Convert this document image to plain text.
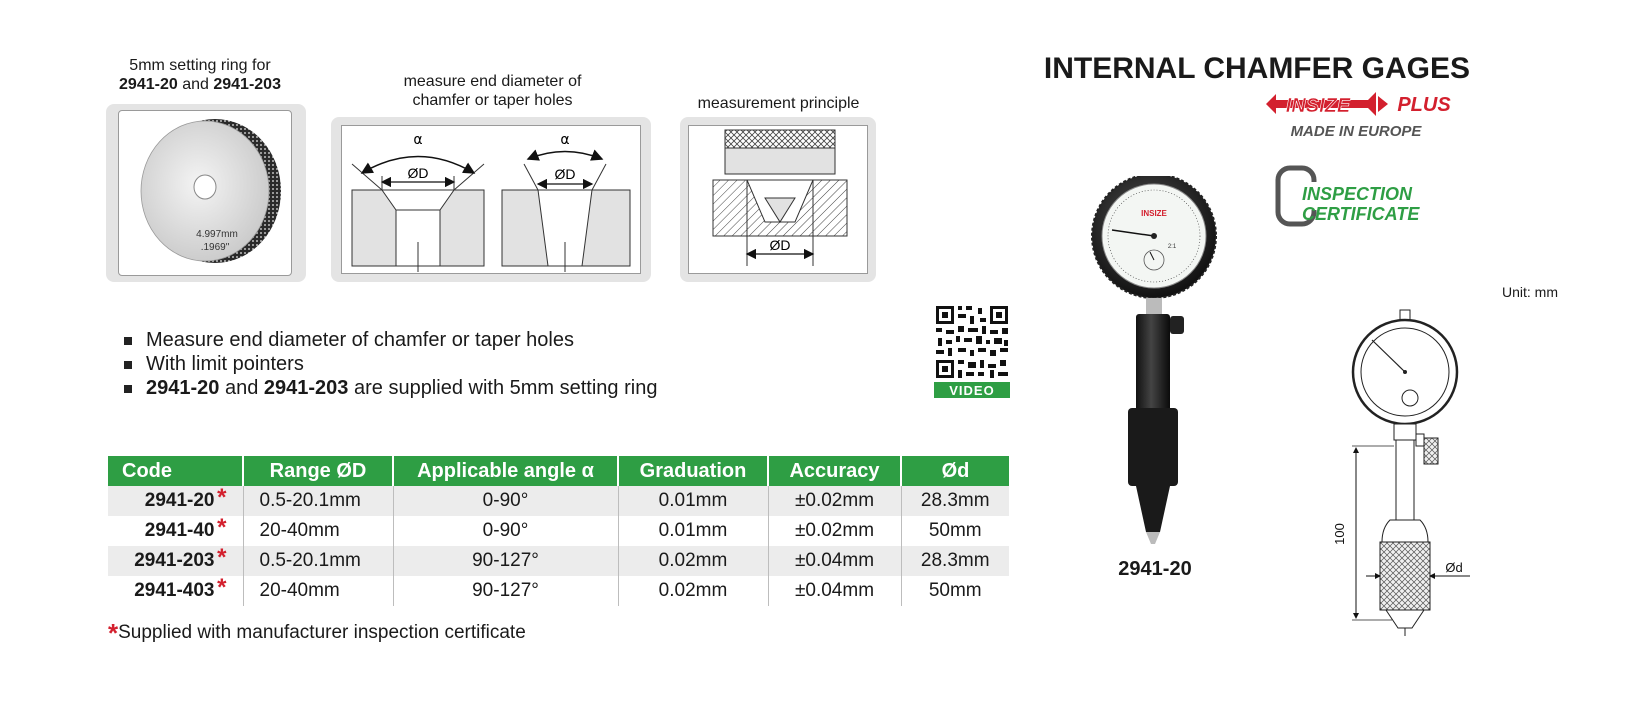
5mm setting ring for
2941-20 and 2941-203
4.997mm
.1969"
measure end diameter of
chamfer or taper holes
α
ØD
α
ØD
measurement principle
ØD
INTERNAL CHAMFER GAGES
INSIZE PLUS
MADE IN EUROPE
INSPECTION
CERTIFICATE
VIDEO
Measure end diameter of chamfer or taper holes
With limit pointers
2941-20 and 2941-203 are supplied with 5mm setting ring
Code	Range ØD	Applicable angle α	Graduation	Accuracy	Ød
2941-20 *	0.5-20.1mm	0-90°	0.01mm	±0.02mm	28.3mm
2941-40 *	20-40mm	0-90°	0.01mm	±0.02mm	50mm
2941-203 *	0.5-20.1mm	90-127°	0.02mm	±0.04mm	28.3mm
2941-403 *	20-40mm	90-127°	0.02mm	±0.04mm	50mm
*Supplied with manufacturer inspection certificate
INSIZE
2:1
2941-20
Unit: mm
100
Ød
